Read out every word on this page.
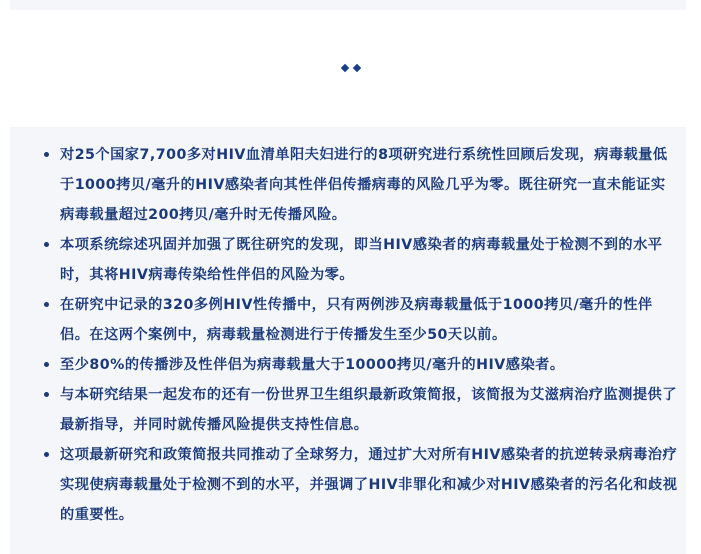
对25个国家7,700多对HIV血清单阳夫妇进行的8项研究进行系统性回顾后发现，病毒载量低于1000拷贝/毫升的HIV感染者向其性伴侣传播病毒的风险几乎为零。既往研究一直未能证实病毒载量超过200拷贝/毫升时无传播风险。
本项系统综述巩固并加强了既往研究的发现，即当HIV感染者的病毒载量处于检测不到的水平时，其将HIV病毒传染给性伴侣的风险为零。
在研究中记录的320多例HIV性传播中，只有两例涉及病毒载量低于1000拷贝/毫升的性伴侣。在这两个案例中，病毒载量检测进行于传播发生至少50天以前。
至少80%的传播涉及性伴侣为病毒载量大于10000拷贝/毫升的HIV感染者。
与本研究结果一起发布的还有一份世界卫生组织最新政策简报，该简报为艾滋病治疗监测提供了最新指导，并同时就传播风险提供支持性信息。
这项最新研究和政策简报共同推动了全球努力，通过扩大对所有HIV感染者的抗逆转录病毒治疗实现使病毒载量处于检测不到的水平，并强调了HIV非罪化和减少对HIV感染者的污名化和歧视的重要性。
